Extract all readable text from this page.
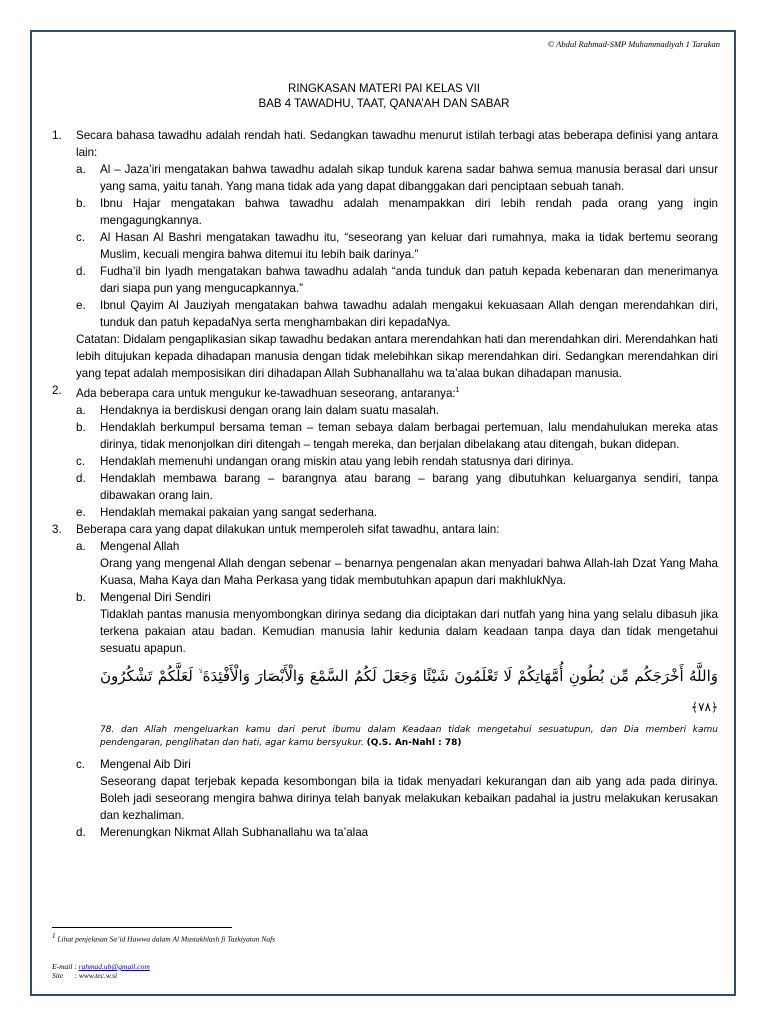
© Abdul Rahmad-SMP Muhammadiyah 1 Tarakan
RINGKASAN MATERI PAI KELAS VII
BAB 4 TAWADHU, TAAT, QANA’AH DAN SABAR
1.	Secara bahasa tawadhu adalah rendah hati. Sedangkan tawadhu menurut istilah terbagi atas beberapa definisi yang antara lain:
a.	Al – Jaza’iri mengatakan bahwa tawadhu adalah sikap tunduk karena sadar bahwa semua manusia berasal dari unsur yang sama, yaitu tanah. Yang mana tidak ada yang dapat dibanggakan dari penciptaan sebuah tanah.
b.	Ibnu Hajar mengatakan bahwa tawadhu adalah menampakkan diri lebih rendah pada orang yang ingin mengagungkannya.
c.	Al Hasan Al Bashri mengatakan tawadhu itu, “seseorang yan keluar dari rumahnya, maka ia tidak bertemu seorang Muslim, kecuali mengira bahwa ditemui itu lebih baik darinya.”
d.	Fudha’il bin Iyadh mengatakan bahwa tawadhu adalah “anda tunduk dan patuh kepada kebenaran dan menerimanya dari siapa pun yang mengucapkannya.”
e.	Ibnul Qayim Al Jauziyah mengatakan bahwa tawadhu adalah mengakui kekuasaan Allah dengan merendahkan diri, tunduk dan patuh kepadaNya serta menghambakan diri kepadaNya.
Catatan: Didalam pengaplikasian sikap tawadhu bedakan antara merendahkan hati dan merendahkan diri. Merendahkan hati lebih ditujukan kepada dihadapan manusia dengan tidak melebihkan sikap merendahkan diri. Sedangkan merendahkan diri yang tepat adalah memposisikan diri dihadapan Allah Subhanallahu wa ta’alaa bukan dihadapan manusia.
2.	Ada beberapa cara untuk mengukur ke-tawadhuan seseorang, antaranya:$^1$
a.	Hendaknya ia berdiskusi dengan orang lain dalam suatu masalah.
b.	Hendaklah berkumpul bersama teman – teman sebaya dalam berbagai pertemuan, lalu mendahulukan mereka atas dirinya, tidak menonjolkan diri ditengah – tengah mereka, dan berjalan dibelakang atau ditengah, bukan didepan.
c.	Hendaklah memenuhi undangan orang miskin atau yang lebih rendah statusnya dari dirinya.
d.	Hendaklah membawa barang – barangnya atau barang – barang yang dibutuhkan keluarganya sendiri, tanpa dibawakan orang lain.
e.	Hendaklah memakai pakaian yang sangat sederhana.
3.	Beberapa cara yang dapat dilakukan untuk memperoleh sifat tawadhu, antara lain:
a.	Mengenal Allah
Orang yang mengenal Allah dengan sebenar – benarnya pengenalan akan menyadari bahwa Allah-lah Dzat Yang Maha Kuasa, Maha Kaya dan Maha Perkasa yang tidak membutuhkan apapun dari makhlukNya.
b.	Mengenal Diri Sendiri
Tidaklah pantas manusia menyombongkan dirinya sedang dia diciptakan dari nutfah yang hina yang selalu dibasuh jika terkena pakaian atau badan. Kemudian manusia lahir kedunia dalam keadaan tanpa daya dan tidak mengetahui sesuatu apapun.
وَاللَّهُ أَخْرَجَكُم مِّن بُطُونِ أُمَّهَاتِكُمْ لَا تَعْلَمُونَ شَيْئًا وَجَعَلَ لَكُمُ السَّمْعَ وَالْأَبْصَارَ وَالْأَفْئِدَةَ ۙ لَعَلَّكُمْ تَشْكُرُونَ ﴿٧٨﴾
78. dan Allah mengeluarkan kamu dari perut ibumu dalam Keadaan tidak mengetahui sesuatupun, dan Dia memberi kamu pendengaran, penglihatan dan hati, agar kamu bersyukur. (Q.S. An-Nahl : 78)
c.	Mengenal Aib Diri
Seseorang dapat terjebak kepada kesombongan bila ia tidak menyadari kekurangan dan aib yang ada pada dirinya. Boleh jadi seseorang mengira bahwa dirinya telah banyak melakukan kebaikan padahal ia justru melakukan kerusakan dan kezhaliman.
d.	Merenungkan Nikmat Allah Subhanallahu wa ta’alaa
$^1$ Lihat penjelasan Sa’id Hawwa dalam Al Mustakhlash fi Tazkiyatun Nafs
E-mail : rahmad.ub@gmail.com
Site : www.tec.w.si
